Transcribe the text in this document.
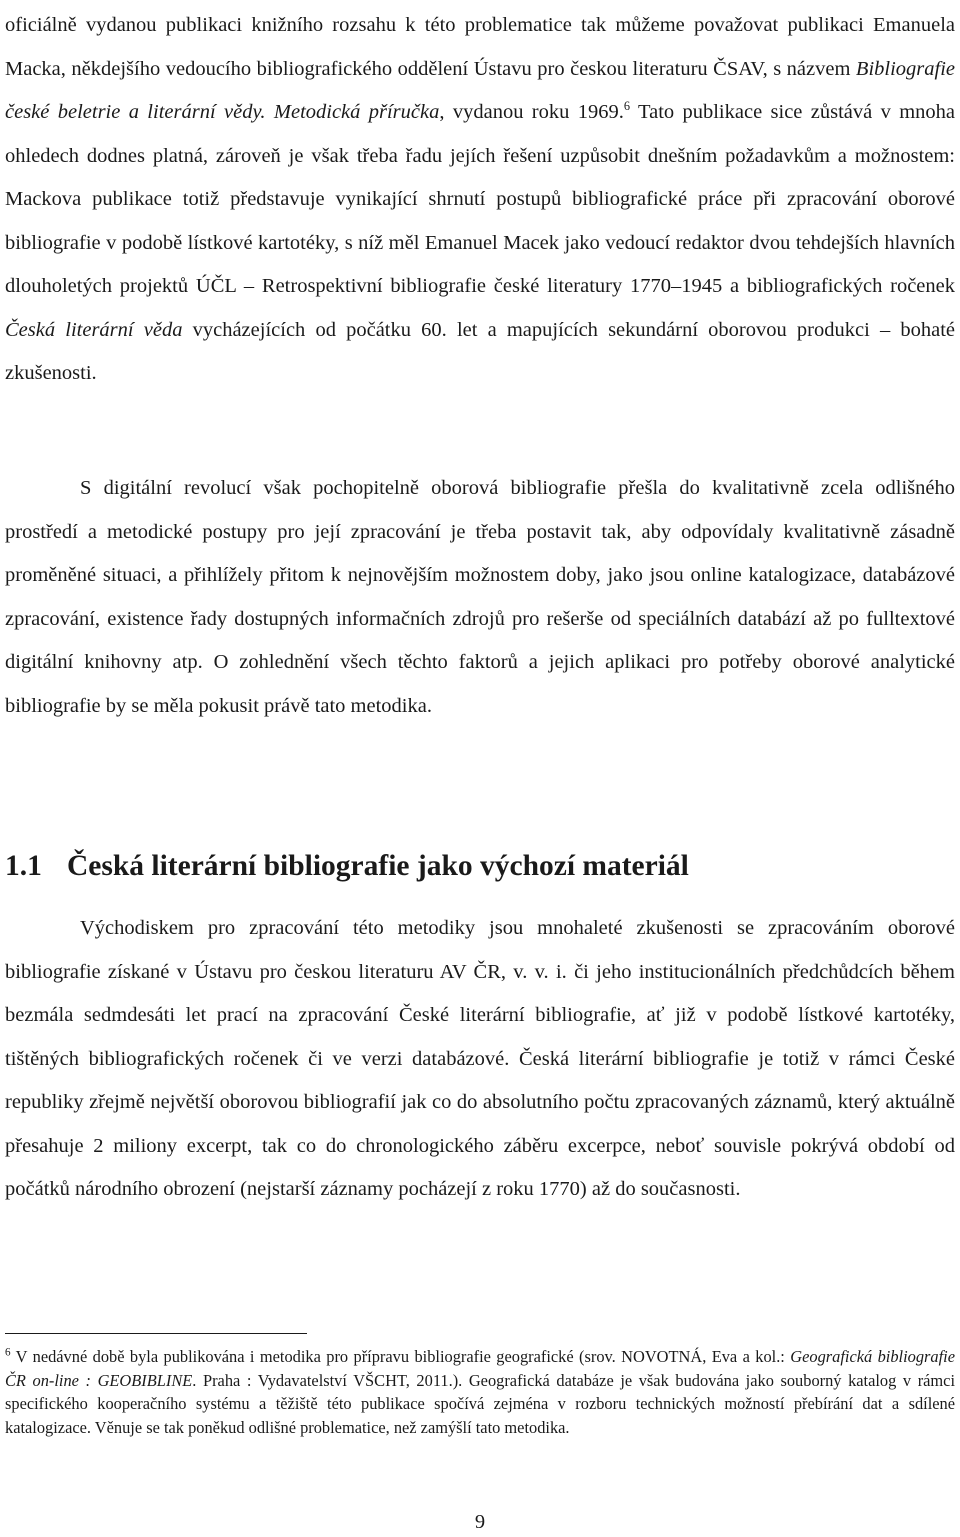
oficiálně vydanou publikaci knižního rozsahu k této problematice tak můžeme považovat publikaci Emanuela Macka, někdejšího vedoucího bibliografického oddělení Ústavu pro českou literaturu ČSAV, s názvem Bibliografie české beletrie a literární vědy. Metodická příručka, vydanou roku 1969.$^6$ Tato publikace sice zůstává v mnoha ohledech dodnes platná, zároveň je však třeba řadu jejích řešení uzpůsobit dnešním požadavkům a možnostem: Mackova publikace totiž představuje vynikající shrnutí postupů bibliografické práce při zpracování oborové bibliografie v podobě lístkové kartotéky, s níž měl Emanuel Macek jako vedoucí redaktor dvou tehdejších hlavních dlouholetých projektů ÚČL – Retrospektivní bibliografie české literatury 1770–1945 a bibliografických ročenek Česká literární věda vycházejících od počátku 60. let a mapujících sekundární oborovou produkci – bohaté zkušenosti.

S digitální revolucí však pochopitelně oborová bibliografie přešla do kvalitativně zcela odlišného prostředí a metodické postupy pro její zpracování je třeba postavit tak, aby odpovídaly kvalitativně zásadně proměněné situaci, a přihlížely přitom k nejnovějším možnostem doby, jako jsou online katalogizace, databázové zpracování, existence řady dostupných informačních zdrojů pro rešerše od speciálních databází až po fulltextové digitální knihovny atp. O zohlednění všech těchto faktorů a jejich aplikaci pro potřeby oborové analytické bibliografie by se měla pokusit právě tato metodika.

1.1 Česká literární bibliografie jako výchozí materiál

Východiskem pro zpracování této metodiky jsou mnohaleté zkušenosti se zpracováním oborové bibliografie získané v Ústavu pro českou literaturu AV ČR, v. v. i. či jeho institucionálních předchůdcích během bezmála sedmdesáti let prací na zpracování České literární bibliografie, ať již v podobě lístkové kartotéky, tištěných bibliografických ročenek či ve verzi databázové. Česká literární bibliografie je totiž v rámci České republiky zřejmě největší oborovou bibliografií jak co do absolutního počtu zpracovaných záznamů, který aktuálně přesahuje 2 miliony excerpt, tak co do chronologického záběru excerpce, neboť souvisle pokrývá období od počátků národního obrození (nejstarší záznamy pocházejí z roku 1770) až do současnosti.

$^6$ V nedávné době byla publikována i metodika pro přípravu bibliografie geografické (srov. NOVOTNÁ, Eva a kol.: Geografická bibliografie ČR on-line : GEOBIBLINE. Praha : Vydavatelství VŠCHT, 2011.). Geografická databáze je však budována jako souborný katalog v rámci specifického kooperačního systému a těžiště této publikace spočívá zejména v rozboru technických možností přebírání dat a sdílené katalogizace. Věnuje se tak poněkud odlišné problematice, než zamýšlí tato metodika.

9
